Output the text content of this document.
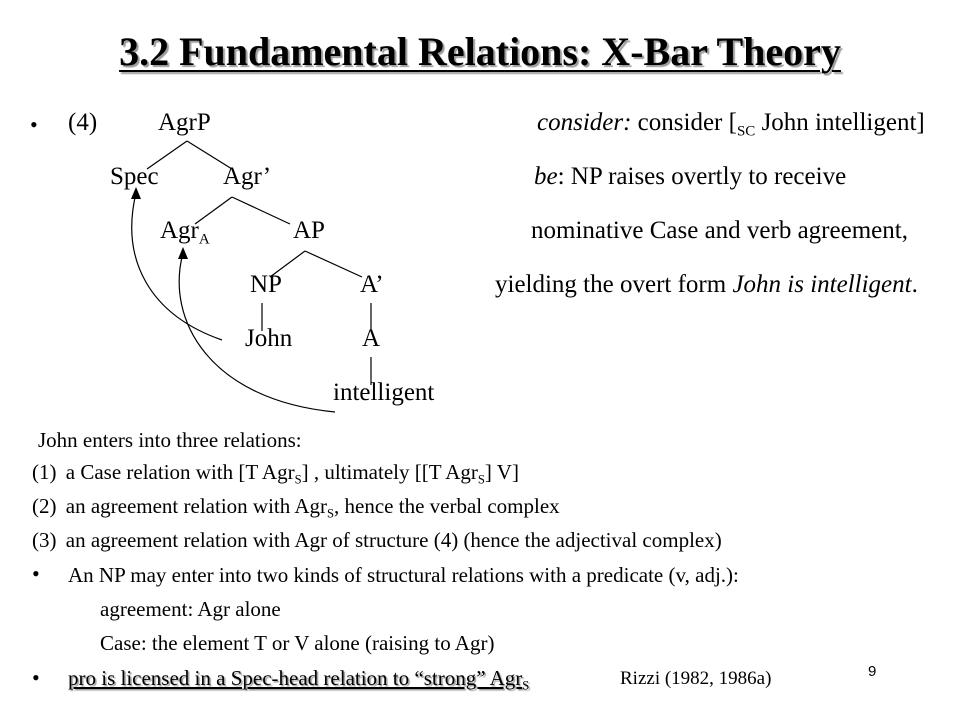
3.2 Fundamental Relations: X-Bar Theory
• (4) AgrP
Spec	Agr’
Agr$_A$	AP
NP	A’
John	A
intelligent
consider: consider [$_{SC}$ John intelligent]
be: NP raises overtly to receive
nominative Case and verb agreement,
yielding the overt form John is intelligent.
John enters into three relations:
(1) a Case relation with [T Agr$_S$] , ultimately [[T Agr$_S$] V]
(2) an agreement relation with Agr$_S$, hence the verbal complex
(3) an agreement relation with Agr of structure (4) (hence the adjectival complex)
• An NP may enter into two kinds of structural relations with a predicate (v, adj.):
agreement: Agr alone
Case: the element T or V alone (raising to Agr)
• pro is licensed in a Spec-head relation to “strong” Agr$_S$	Rizzi (1982, 1986a)	9
